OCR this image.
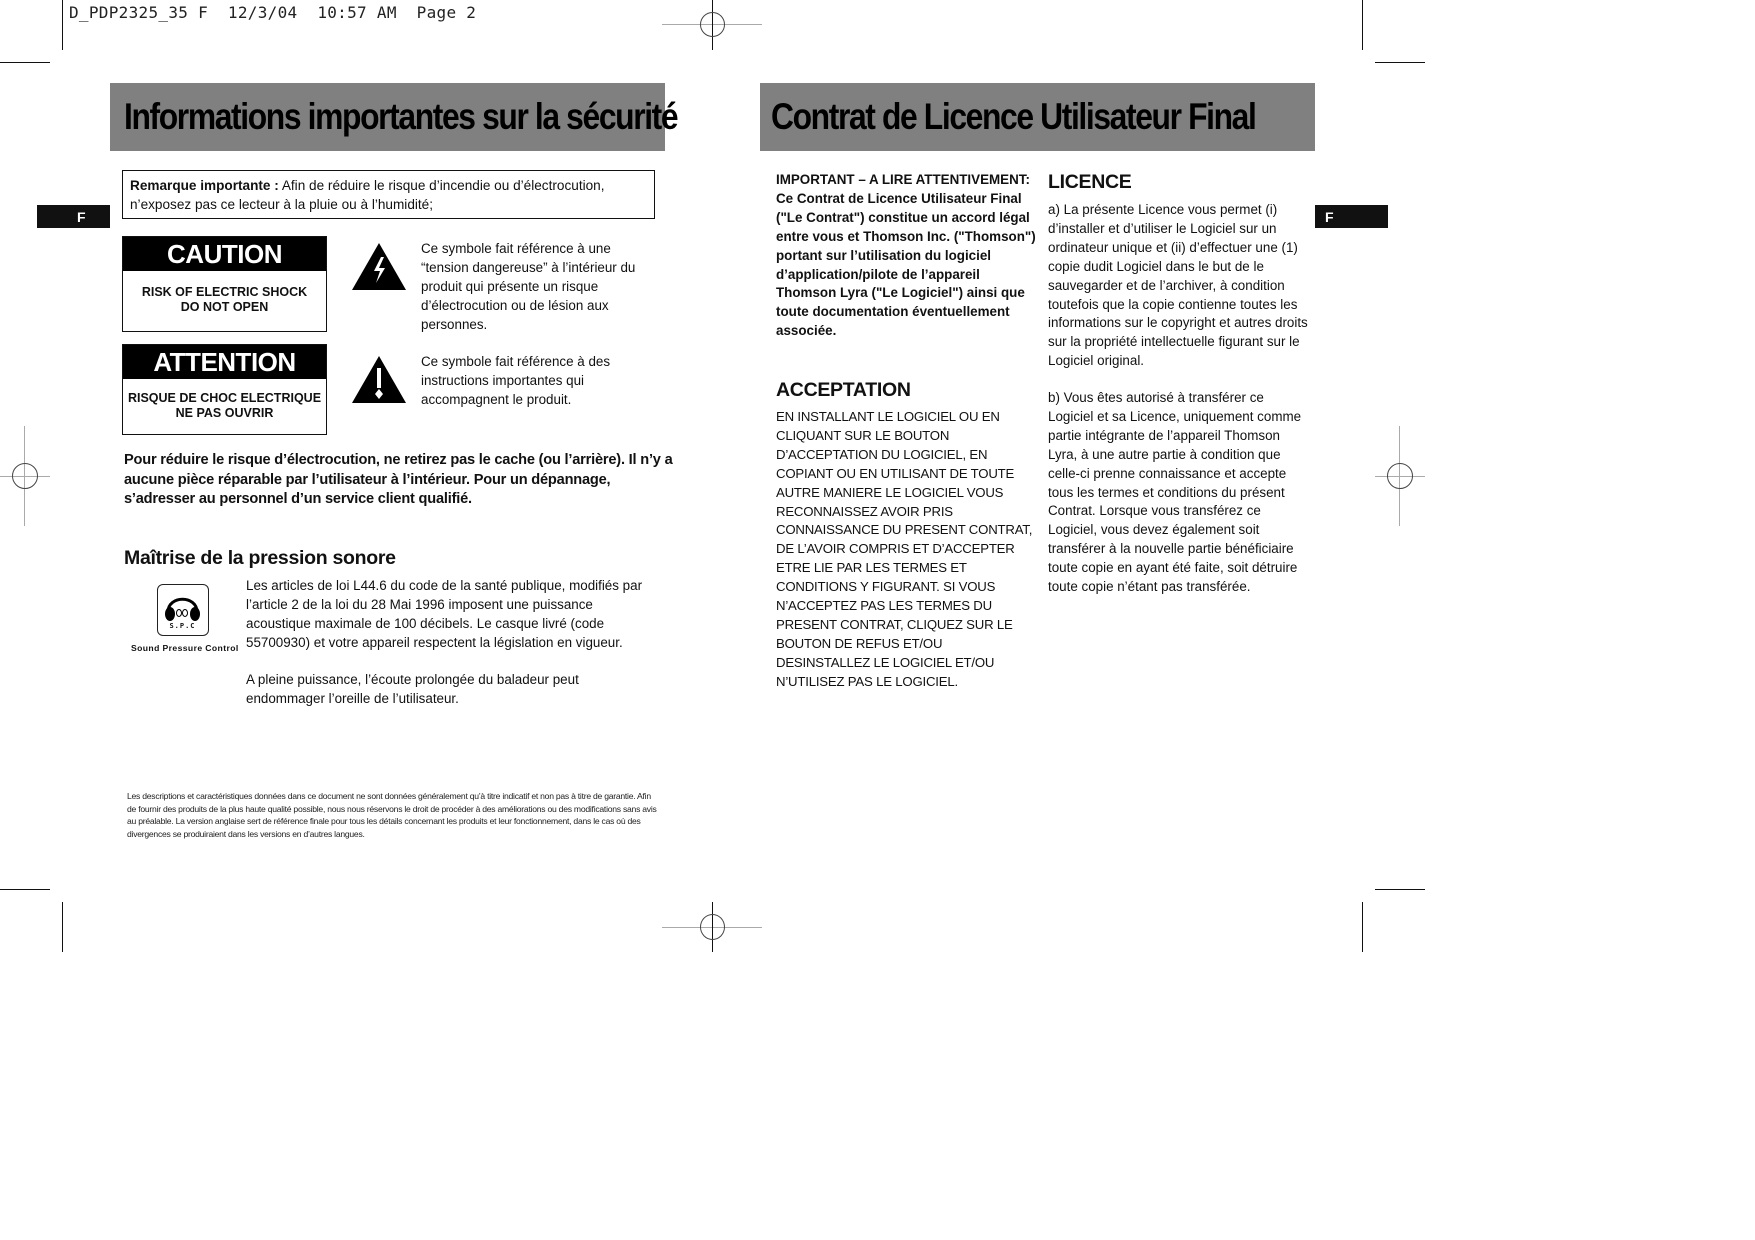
D_PDP2325_35 F  12/3/04  10:57 AM  Page 2
F	F
Informations importantes sur la sécurité
Remarque importante : Afin de réduire le risque d’incendie ou d’électrocution, n’exposez pas ce lecteur à la pluie ou à l’humidité;
CAUTION
RISK OF ELECTRIC SHOCK
DO NOT OPEN
Ce symbole fait référence à une “tension dangereuse” à l’intérieur du produit qui présente un risque d’électrocution ou de lésion aux personnes.
ATTENTION
RISQUE DE CHOC ELECTRIQUE
NE PAS OUVRIR
Ce symbole fait référence à des instructions importantes qui accompagnent le produit.
Pour réduire le risque d’électrocution, ne retirez pas le cache (ou l’arrière). Il n’y a aucune pièce réparable par l’utilisateur à l’intérieur. Pour un dépannage, s’adresser au personnel d’un service client qualifié.
Maîtrise de la pression sonore
S.P.C
Sound Pressure Control
Les articles de loi L44.6 du code de la santé publique, modifiés par l’article 2 de la loi du 28 Mai 1996 imposent une puissance acoustique maximale de 100 décibels. Le casque livré (code 55700930) et votre appareil respectent la législation en vigueur.
A pleine puissance, l’écoute prolongée du baladeur peut endommager l’oreille de l’utilisateur.
Les descriptions et caractéristiques données dans ce document ne sont données généralement qu’à titre indicatif et non pas à titre de garantie. Afin de fournir des produits de la plus haute qualité possible, nous nous réservons le droit de procéder à des améliorations ou des modifications sans avis au préalable. La version anglaise sert de référence finale pour tous les détails concernant les produits et leur fonctionnement, dans le cas où des divergences se produiraient dans les versions en d’autres langues.
Contrat de Licence Utilisateur Final
IMPORTANT – A LIRE ATTENTIVEMENT: Ce Contrat de Licence Utilisateur Final ("Le Contrat") constitue un accord légal entre vous et Thomson Inc. ("Thomson") portant sur l’utilisation du logiciel d’application/pilote de l’appareil Thomson Lyra ("Le Logiciel") ainsi que toute documentation éventuellement associée.
ACCEPTATION
EN INSTALLANT LE LOGICIEL OU EN CLIQUANT SUR LE BOUTON D’ACCEPTATION DU LOGICIEL, EN COPIANT OU EN UTILISANT DE TOUTE AUTRE MANIERE LE LOGICIEL VOUS RECONNAISSEZ AVOIR PRIS CONNAISSANCE DU PRESENT CONTRAT, DE L’AVOIR COMPRIS ET D’ACCEPTER ETRE LIE PAR LES TERMES ET CONDITIONS Y FIGURANT. SI VOUS N’ACCEPTEZ PAS LES TERMES DU PRESENT CONTRAT, CLIQUEZ SUR LE BOUTON DE REFUS ET/OU DESINSTALLEZ LE LOGICIEL ET/OU N’UTILISEZ PAS LE LOGICIEL.
LICENCE
a) La présente Licence vous permet (i) d’installer et d’utiliser le Logiciel sur un ordinateur unique et (ii) d’effectuer une (1) copie dudit Logiciel dans le but de le sauvegarder et de l’archiver, à condition toutefois que la copie contienne toutes les informations sur le copyright et autres droits sur la propriété intellectuelle figurant sur le Logiciel original.
b) Vous êtes autorisé à transférer ce Logiciel et sa Licence, uniquement comme partie intégrante de l’appareil Thomson Lyra, à une autre partie à condition que celle-ci prenne connaissance et accepte tous les termes et conditions du présent Contrat. Lorsque vous transférez ce Logiciel, vous devez également soit transférer à la nouvelle partie bénéficiaire toute copie en ayant été faite, soit détruire toute copie n’étant pas transférée.
